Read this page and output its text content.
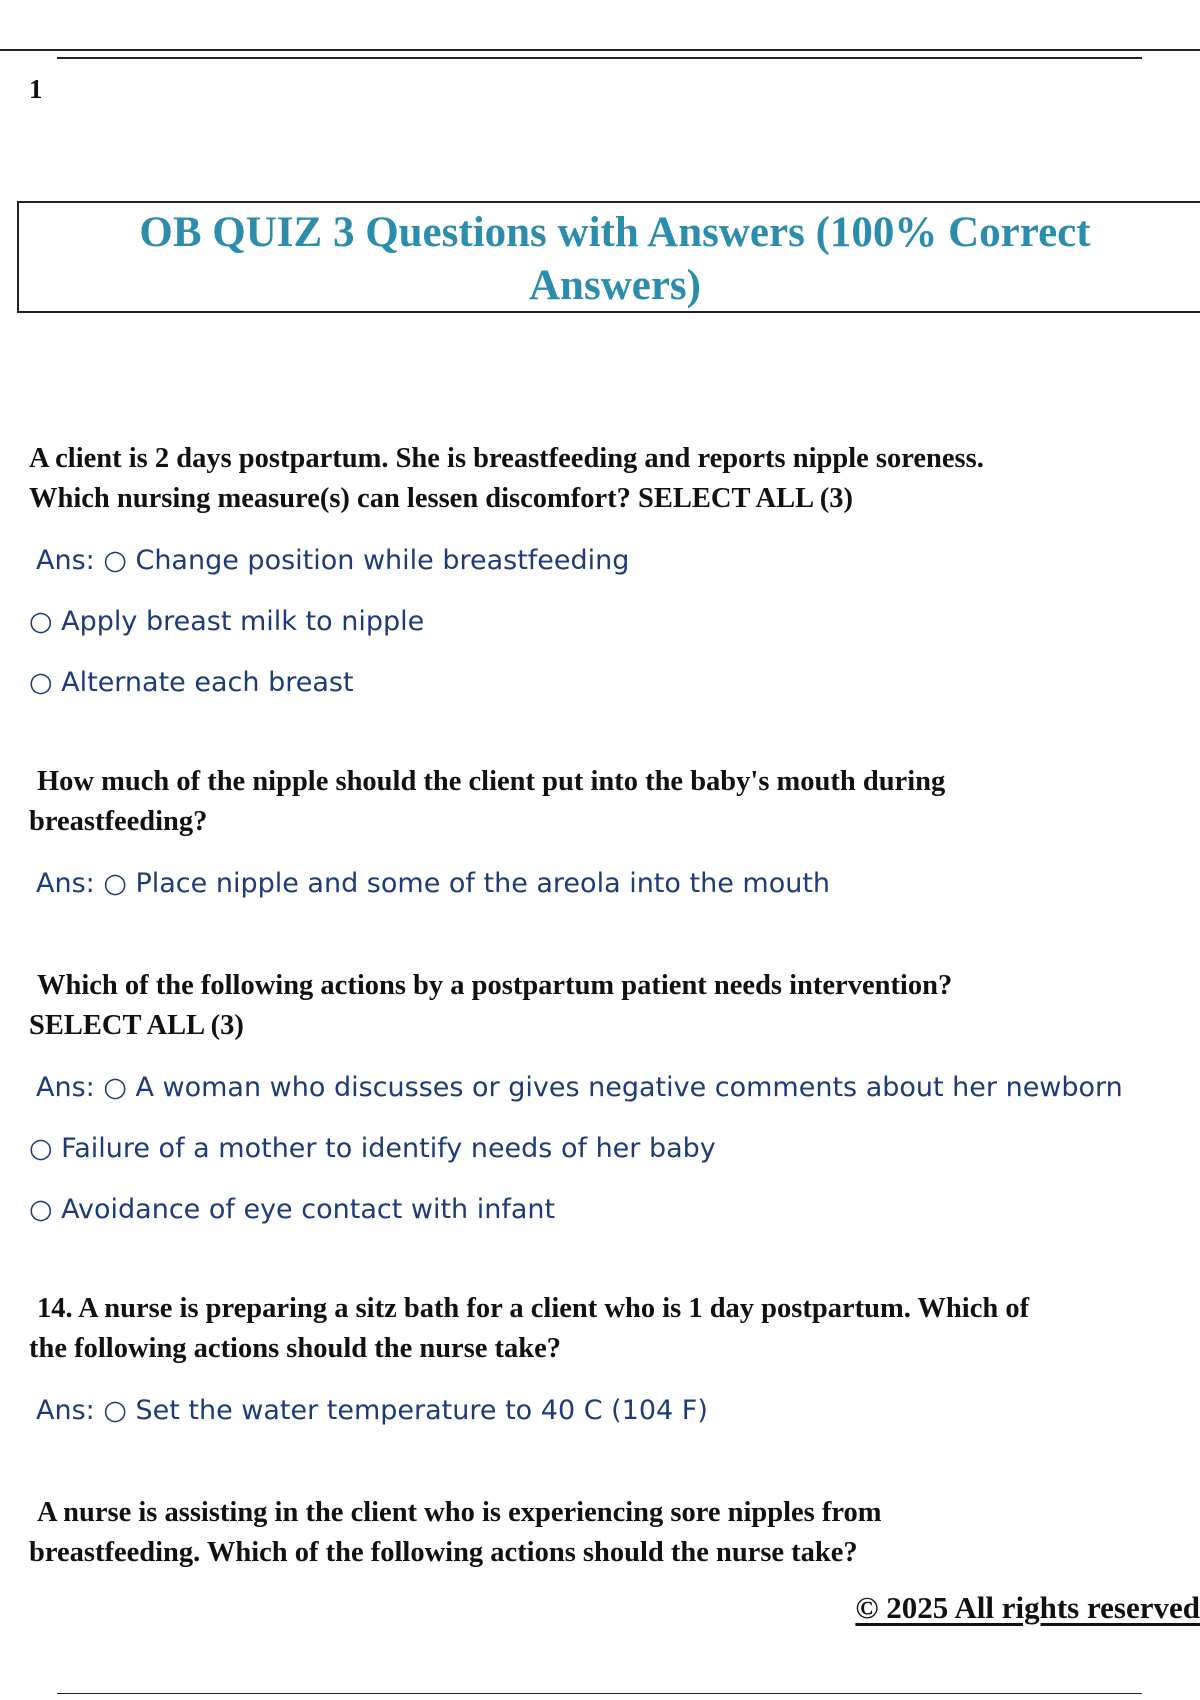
1
OB QUIZ 3 Questions with Answers (100% Correct
Answers)
A client is 2 days postpartum. She is breastfeeding and reports nipple soreness.
Which nursing measure(s) can lessen discomfort? SELECT ALL (3)
Ans: ○ Change position while breastfeeding
○ Apply breast milk to nipple
○ Alternate each breast
How much of the nipple should the client put into the baby's mouth during
breastfeeding?
Ans: ○ Place nipple and some of the areola into the mouth
Which of the following actions by a postpartum patient needs intervention?
SELECT ALL (3)
Ans: ○ A woman who discusses or gives negative comments about her newborn
○ Failure of a mother to identify needs of her baby
○ Avoidance of eye contact with infant
14. A nurse is preparing a sitz bath for a client who is 1 day postpartum. Which of
the following actions should the nurse take?
Ans: ○ Set the water temperature to 40 C (104 F)
A nurse is assisting in the client who is experiencing sore nipples from
breastfeeding. Which of the following actions should the nurse take?
© 2025 All rights reserved
